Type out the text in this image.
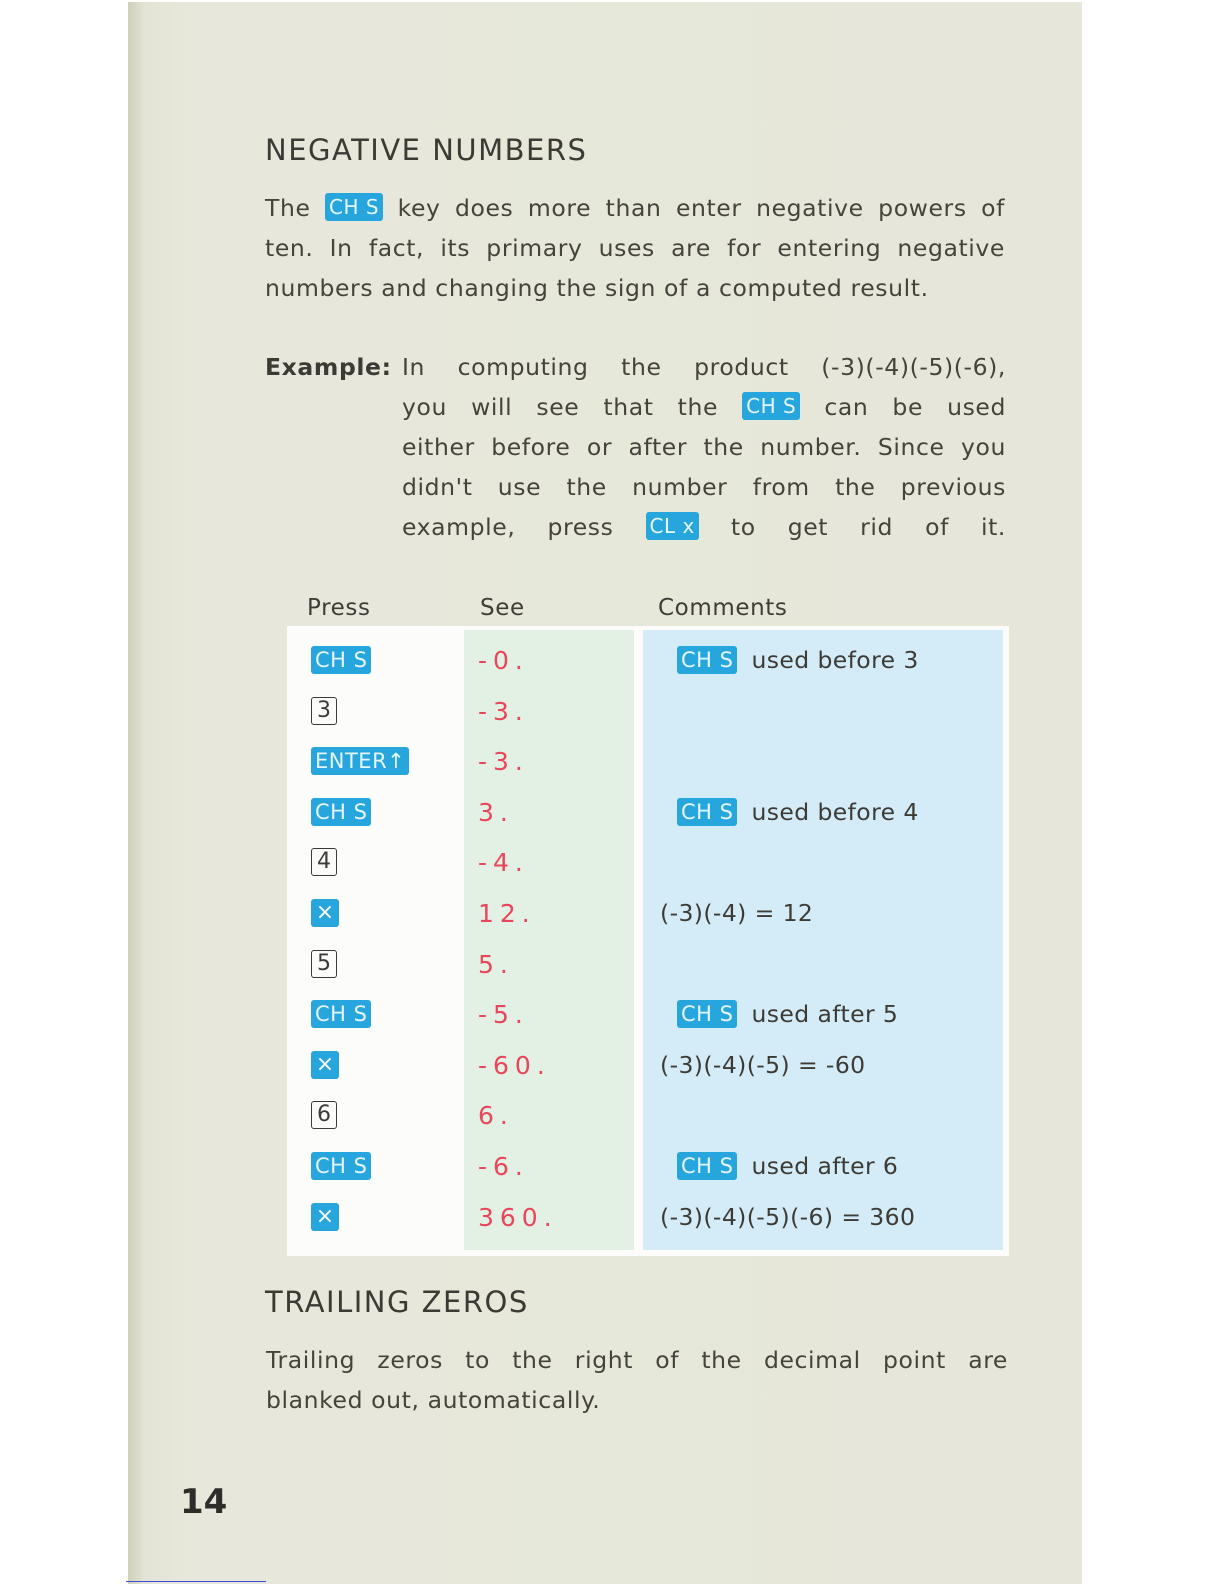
NEGATIVE NUMBERS
The CH S key does more than enter negative powers of
ten. In fact, its primary uses are for entering negative
numbers and changing the sign of a computed result.
Example: In computing the product (-3)(-4)(-5)(-6),
you will see that the CH S can be used
either before or after the number. Since you
didn't use the number from the previous
example, press CL x to get rid of it.
Press	See	Comments
CH S	-0.	CH S used before 3
3	-3.
ENTER↑	-3.
CH S	3.	CH S used before 4
4	-4.
×	12.	(-3)(-4) = 12
5	5.
CH S	-5.	CH S used after 5
×	-60.	(-3)(-4)(-5) = -60
6	6.
CH S	-6.	CH S used after 6
×	360.	(-3)(-4)(-5)(-6) = 360
TRAILING ZEROS
Trailing zeros to the right of the decimal point are
blanked out, automatically.
14
